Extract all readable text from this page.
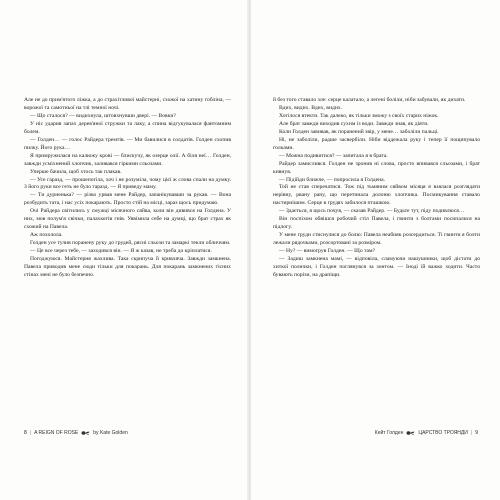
Але не до прим'ятого ліжка, а до страхітливої майстерні, схожої на хатину гобліна, — ворожої та самотньої на тлі темної ночі.

— Що сталося? — видихнула, штовхнувши двері. — Вовки?

У ніс ударив запах дерев'яної стружки та лаку, а спина відгукувалася фантомним болем.

— Голден… — голос Райдера тремтів. — Ми бавилися в солдатів. Голден схопив пилку. Його рука…

Я примружилася на калюжу крові — блискучу, як озерце олії. А біля неї… Голден, завжди усміхнений хлопчик, заливався гіркими сльозами.

Уперше бачила, щоб хтось так плакав.

— Усе гаразд, — прошепотіла, хоч і не розуміла, чому цієї ж слова спали на думку. З його руки все геть не було гаразд. — Я приведу маму.

— Ти дурненька? — різко урвав мене Райдер, запанікувавши за рукав. — Вона розбудить тата, і нас усіх покарають. Просто стій на місці, зараз щось придумаю.

Очі Райдера світились у смужці місячного сяйва, коли він дивився на Голдена. У них, мов полум'я свічки, палахкотів гнів. Уявімила себе на думці, що брат страх як схожий на Павела.

Аж похолола.

Голден усе тулив поранену руку до грудей, рясні сльози та замаркі текли обличчям.

— Це все через тебе, — заходився він. — Я ж казав, не треба до кріплатися.

Погоджуюся. Майстерня жахлива. Така скрипуча й кривляча. Завжди замкнена. Павела приводив мене сюди тільки для покарань. Для покарань замкнених тісних стінах мені не було безпечно.

8 | A REIGN OF ROSE	by Kate Golden

й без того ставало зле: серце калатало, а легені боліли, ніби забували, як дихати.

Вдих, видих. Вдих, видих.

Хотілося втекти. Так далеко, як тільки зможу з своїх старих ніжок.

Але брат завжди виходив сухим із води. Завжди знав, як діяти.

Коли Голден завивав, як поранений звір, у мене… заболіли пальці.

Ні, не заболіли, радше засвербіли. Ніби віддежала руку і тепер її пощипувало голками.

— Можна подивитися? — запитала я в брата.

Райдер замислився. Голден не зронив ні слова, просто впивався сльозами, і брат кивнув.

— Підійди ближче, — попросила я Голдена.

Той не став сперечатися. Тож під тьмяним сяйвом місяця я взялася розглядати нерівну, рвану рану, що перетинала долоню хлопчика. Посмикування ставало настирнішим. Серце в грудях забилося пташкою.

— Здається, я щось почув, — сказав Райдер. — Будьте тут, піду подивлюся…

Він поспіхом обвішся робочий стіл Павела, і гвинти з болтами посипалися на підлогу.

У мене груди стиснулися до болю: Павела неабияк розсердиться. Ті гвинти я болти лежали рядочками, розсортовані за розміром.

— Ну? — вимогрув Голден. — Що там?

— Задиш замкнена мамі, — відповіла, сламуючи нашушники, щоб дістати до хиткої полички, і Голден поглянувся за зонтом. — Іноді їй важко ходити. Часто бувають порізи, на драпіщи.

Кейт Голден	ЦАРСТВО ТРОЯНДИ | 9
